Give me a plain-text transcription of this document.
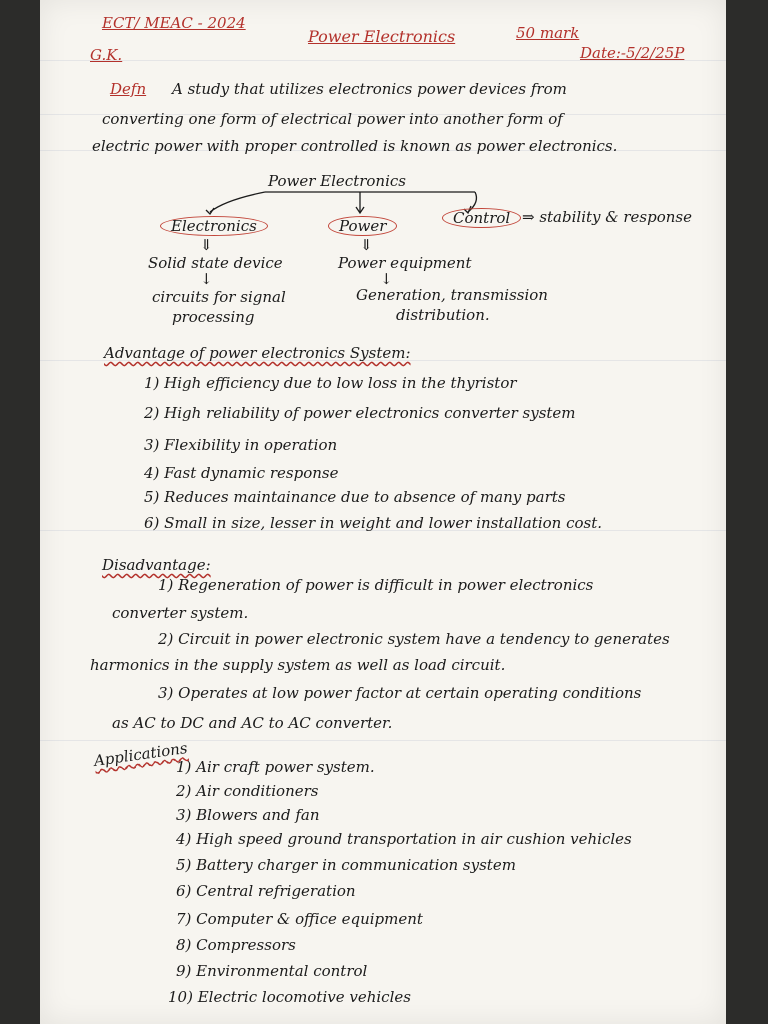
ECT/ MEAC - 2024
G.K.
Power Electronics	50 mark
Date:-5/2/25P
Defn A study that utilizes electronics power devices from
converting one form of electrical power into another form of
electric power with proper controlled is known as power electronics.
Power Electronics
Electronics	Power	Control ⇒ stability & response
⇓	⇓
Solid state device	Power equipment
↓	↓
circuits for signal
processing
Generation, transmission
distribution.
Advantage of power electronics System:
1) High efficiency due to low loss in the thyristor
2) High reliability of power electronics converter system
3) Flexibility in operation
4) Fast dynamic response
5) Reduces maintainance due to absence of many parts
6) Small in size, lesser in weight and lower installation cost.
Disadvantage:
1) Regeneration of power is difficult in power electronics
converter system.
2) Circuit in power electronic system have a tendency to generates
harmonics in the supply system as well as load circuit.
3) Operates at low power factor at certain operating conditions
as AC to DC and AC to AC converter.
Applications
1) Air craft power system.
2) Air conditioners
3) Blowers and fan
4) High speed ground transportation in air cushion vehicles
5) Battery charger in communication system
6) Central refrigeration
7) Computer & office equipment
8) Compressors
9) Environmental control
10) Electric locomotive vehicles
